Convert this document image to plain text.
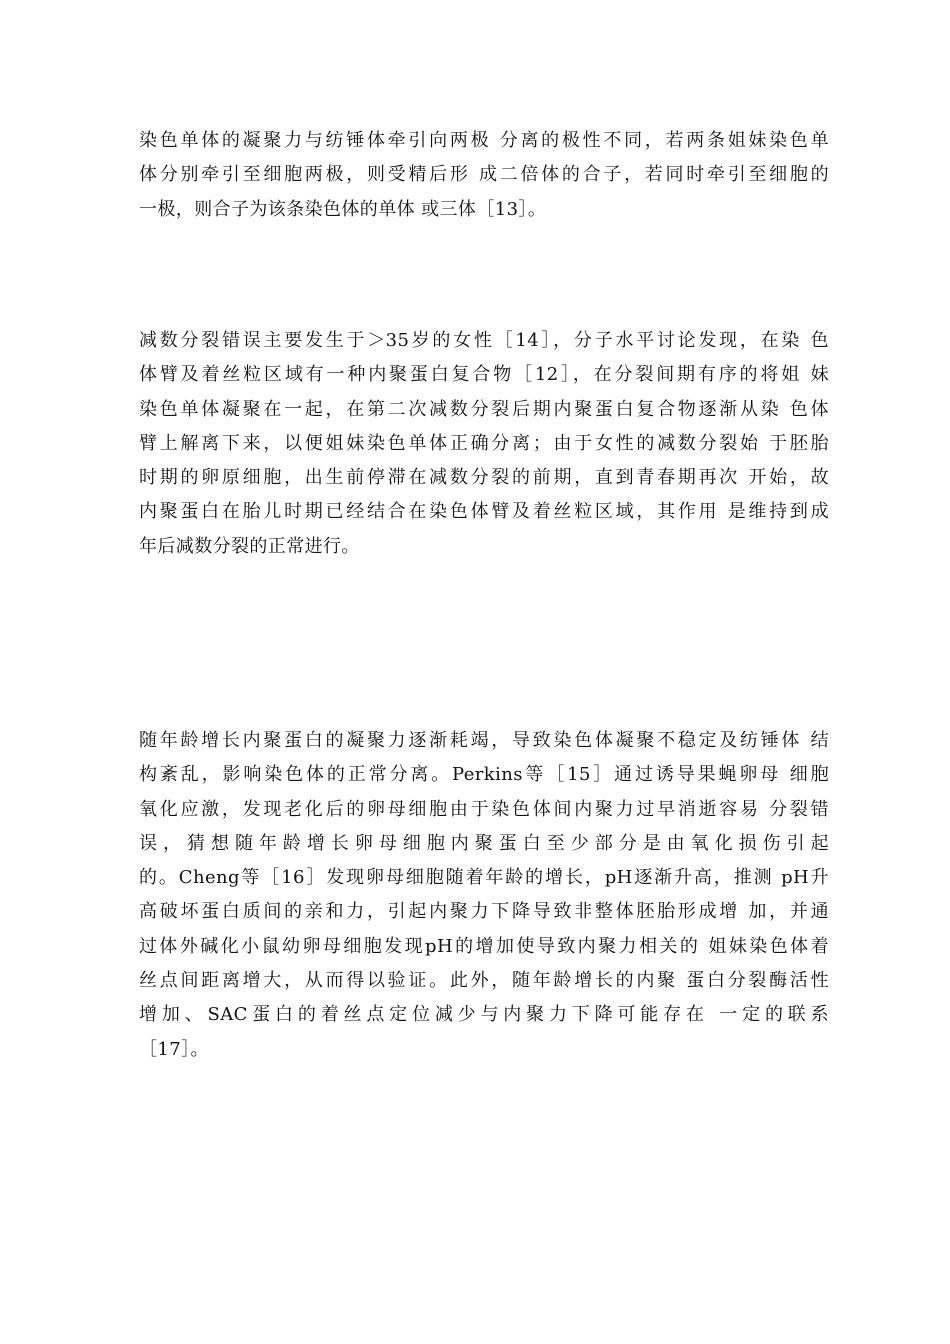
染色单体的凝聚力与纺锤体牵引向两极 分离的极性不同，若两条姐妹染色单
体分别牵引至细胞两极，则受精后形 成二倍体的合子，若同时牵引至细胞的
一极，则合子为该条染色体的单体 或三体［13］。

减数分裂错误主要发生于＞35岁的女性［14］，分子水平讨论发现，在染 色
体臂及着丝粒区域有一种内聚蛋白复合物［12］，在分裂间期有序的将姐 妹
染色单体凝聚在一起，在第二次减数分裂后期内聚蛋白复合物逐渐从染 色体
臂上解离下来，以便姐妹染色单体正确分离；由于女性的减数分裂始 于胚胎
时期的卵原细胞，出生前停滞在减数分裂的前期，直到青春期再次 开始，故
内聚蛋白在胎儿时期已经结合在染色体臂及着丝粒区域，其作用 是维持到成
年后减数分裂的正常进行。

随年龄增长内聚蛋白的凝聚力逐渐耗竭，导致染色体凝聚不稳定及纺锤体 结
构紊乱，影响染色体的正常分离。Perkins等［15］通过诱导果蝇卵母 细胞
氧化应激，发现老化后的卵母细胞由于染色体间内聚力过早消逝容易 分裂错
误，猜想随年龄增长卵母细胞内聚蛋白至少部分是由氧化损伤引起
的。Cheng等［16］发现卵母细胞随着年龄的增长，pH逐渐升高，推测 pH升
高破坏蛋白质间的亲和力，引起内聚力下降导致非整体胚胎形成增 加，并通
过体外碱化小鼠幼卵母细胞发现pH的增加使导致内聚力相关的 姐妹染色体着
丝点间距离增大，从而得以验证。此外，随年龄增长的内聚 蛋白分裂酶活性
增加、SAC蛋白的着丝点定位减少与内聚力下降可能存在 一定的联系
［17］。
